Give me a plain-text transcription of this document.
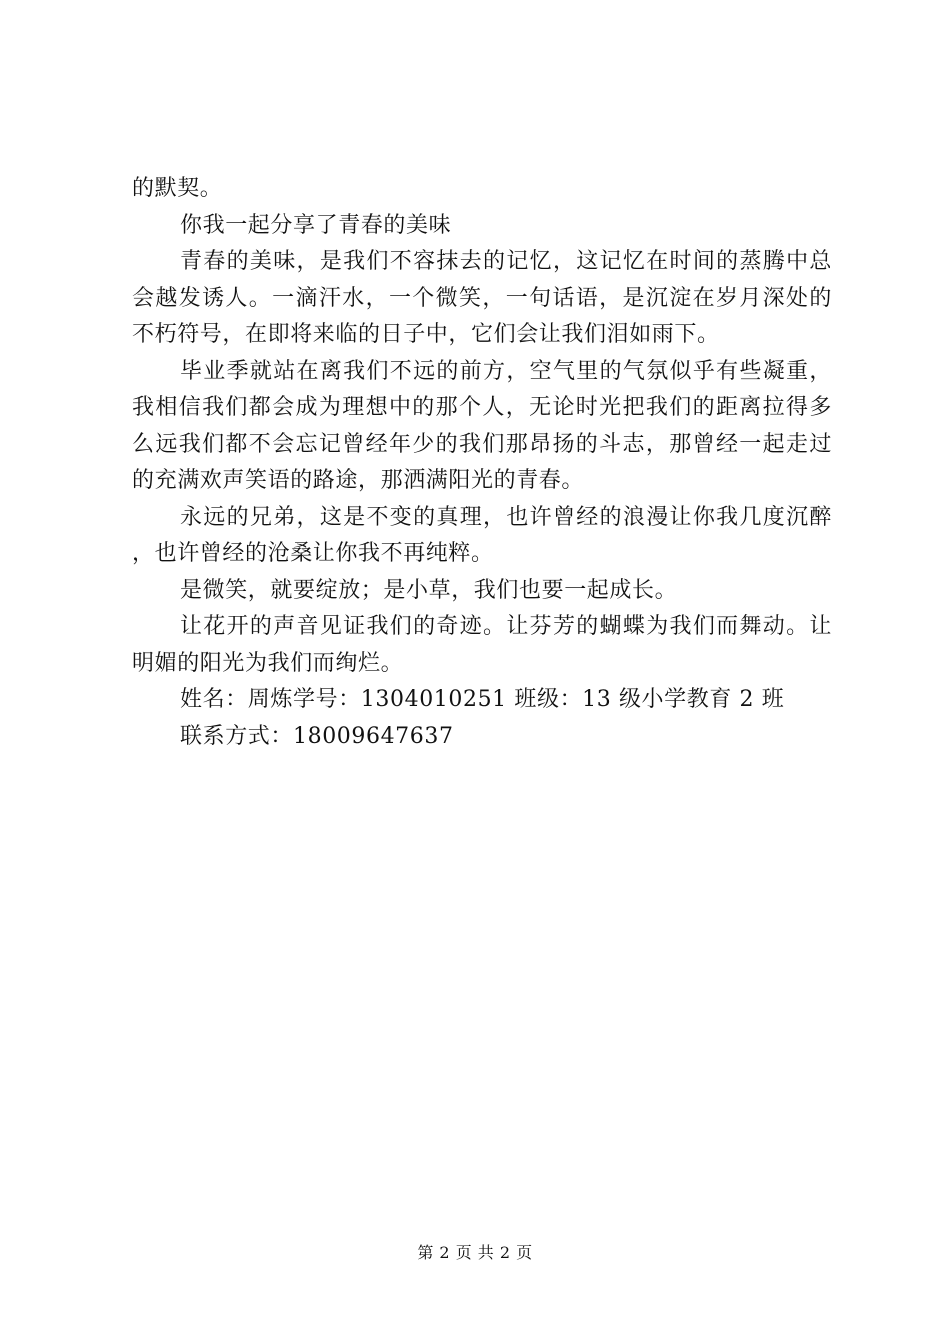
的默契。

你我一起分享了青春的美味

青春的美味，是我们不容抹去的记忆，这记忆在时间的蒸腾中总会越发诱人。一滴汗水，一个微笑，一句话语，是沉淀在岁月深处的不朽符号，在即将来临的日子中，它们会让我们泪如雨下。

毕业季就站在离我们不远的前方，空气里的气氛似乎有些凝重，我相信我们都会成为理想中的那个人，无论时光把我们的距离拉得多么远我们都不会忘记曾经年少的我们那昂扬的斗志，那曾经一起走过的充满欢声笑语的路途，那洒满阳光的青春。

永远的兄弟，这是不变的真理，也许曾经的浪漫让你我几度沉醉，也许曾经的沧桑让你我不再纯粹。

是微笑，就要绽放；是小草，我们也要一起成长。

让花开的声音见证我们的奇迹。让芬芳的蝴蝶为我们而舞动。让明媚的阳光为我们而绚烂。

姓名：周炼学号：1304010251 班级：13 级小学教育 2 班

联系方式：18009647637

第 2 页 共 2 页
